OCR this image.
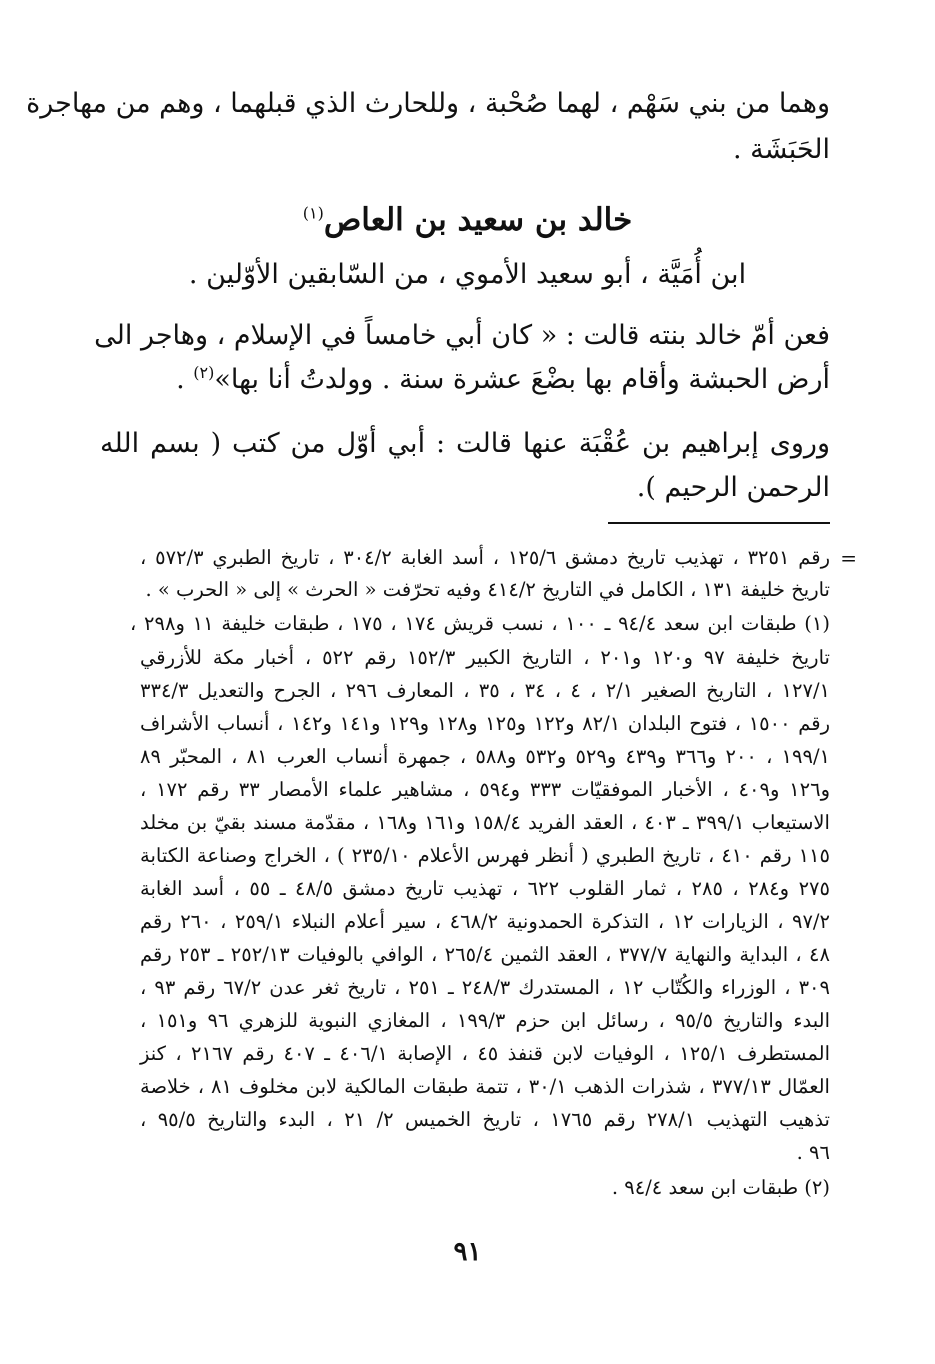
وهما من بني سَهْم ، لهما صُحْبة ، وللحارث الذي قبلهما ، وهم من مهاجرة
الحَبَشَة .
خالد بن سعيد بن العاص$^{(١)}$
ابن أُمَيَّة ، أبو سعيد الأموي ، من السّابقين الأوّلين .
فعن أمّ خالد بنته قالت : « كان أبي خامساً في الإسلام ، وهاجر الى
أرض الحبشة وأقام بها بضْعَ عشرة سنة . وولدتُ أنا بها»$^{(٢)}$ .
وروى إبراهيم بن عُقْبَة عنها قالت : أبي أوّل من كتب ( بسم الله
الرحمن الرحيم ).
=
رقم ٣٢٥١ ، تهذيب تاريخ دمشق ١٢٥/٦ ، أسد الغابة ٣٠٤/٢ ، تاريخ الطبري ٥٧٢/٣ ،
تاريخ خليفة ١٣١ ، الكامل في التاريخ ٤١٤/٢ وفيه تحرّفت « الحرث » إلى « الحرب » .
(١) طبقات ابن سعد ٩٤/٤ ـ ١٠٠ ، نسب قريش ١٧٤ ، ١٧٥ ، طبقات خليفة ١١ و٢٩٨ ،
تاريخ خليفة ٩٧ و١٢٠ و٢٠١ ، التاريخ الكبير ١٥٢/٣ رقم ٥٢٢ ، أخبار مكة للأزرقي
١٢٧/١ ، التاريخ الصغير ٢/١ ، ٤ ، ٣٤ ، ٣٥ ، المعارف ٢٩٦ ، الجرح والتعديل ٣٣٤/٣
رقم ١٥٠٠ ، فتوح البلدان ٨٢/١ و١٢٢ و١٢٥ و١٢٨ و١٢٩ و١٤١ و١٤٢ ، أنساب الأشراف
١٩٩/١ ، ٢٠٠ و٣٦٦ و٤٣٩ و٥٢٩ و٥٣٢ و٥٨٨ ، جمهرة أنساب العرب ٨١ ، المحبّر ٨٩
و١٢٦ و٤٠٩ ، الأخبار الموفقيّات ٣٣٣ و٥٩٤ ، مشاهير علماء الأمصار ٣٣ رقم ١٧٢ ،
الاستيعاب ٣٩٩/١ ـ ٤٠٣ ، العقد الفريد ١٥٨/٤ و١٦١ و١٦٨ ، مقدّمة مسند بقيّ بن مخلد
١١٥ رقم ٤١٠ ، تاريخ الطبري ( أنظر فهرس الأعلام ٢٣٥/١٠ ) ، الخراج وصناعة الكتابة
٢٧٥ و٢٨٤ ، ٢٨٥ ، ثمار القلوب ٦٢٢ ، تهذيب تاريخ دمشق ٤٨/٥ ـ ٥٥ ، أسد الغابة
٩٧/٢ ، الزيارات ١٢ ، التذكرة الحمدونية ٤٦٨/٢ ، سير أعلام النبلاء ٢٥٩/١ ، ٢٦٠ رقم
٤٨ ، البداية والنهاية ٣٧٧/٧ ، العقد الثمين ٢٦٥/٤ ، الوافي بالوفيات ٢٥٢/١٣ ـ ٢٥٣ رقم
٣٠٩ ، الوزراء والكُتّاب ١٢ ، المستدرك ٢٤٨/٣ ـ ٢٥١ ، تاريخ ثغر عدن ٦٧/٢ رقم ٩٣ ،
البدء والتاريخ ٩٥/٥ ، رسائل ابن حزم ١٩٩/٣ ، المغازي النبوية للزهري ٩٦ و١٥١ ،
المستطرف ١٢٥/١ ، الوفيات لابن قنفذ ٤٥ ، الإصابة ٤٠٦/١ ـ ٤٠٧ رقم ٢١٦٧ ، كنز
العمّال ٣٧٧/١٣ ، شذرات الذهب ٣٠/١ ، تتمة طبقات المالكية لابن مخلوف ٨١ ، خلاصة
تذهيب التهذيب ٢٧٨/١ رقم ١٧٦٥ ، تاريخ الخميس ٢/ ٢١ ، البدء والتاريخ ٩٥/٥ ،
٩٦ .
(٢) طبقات ابن سعد ٩٤/٤ .
٩١
